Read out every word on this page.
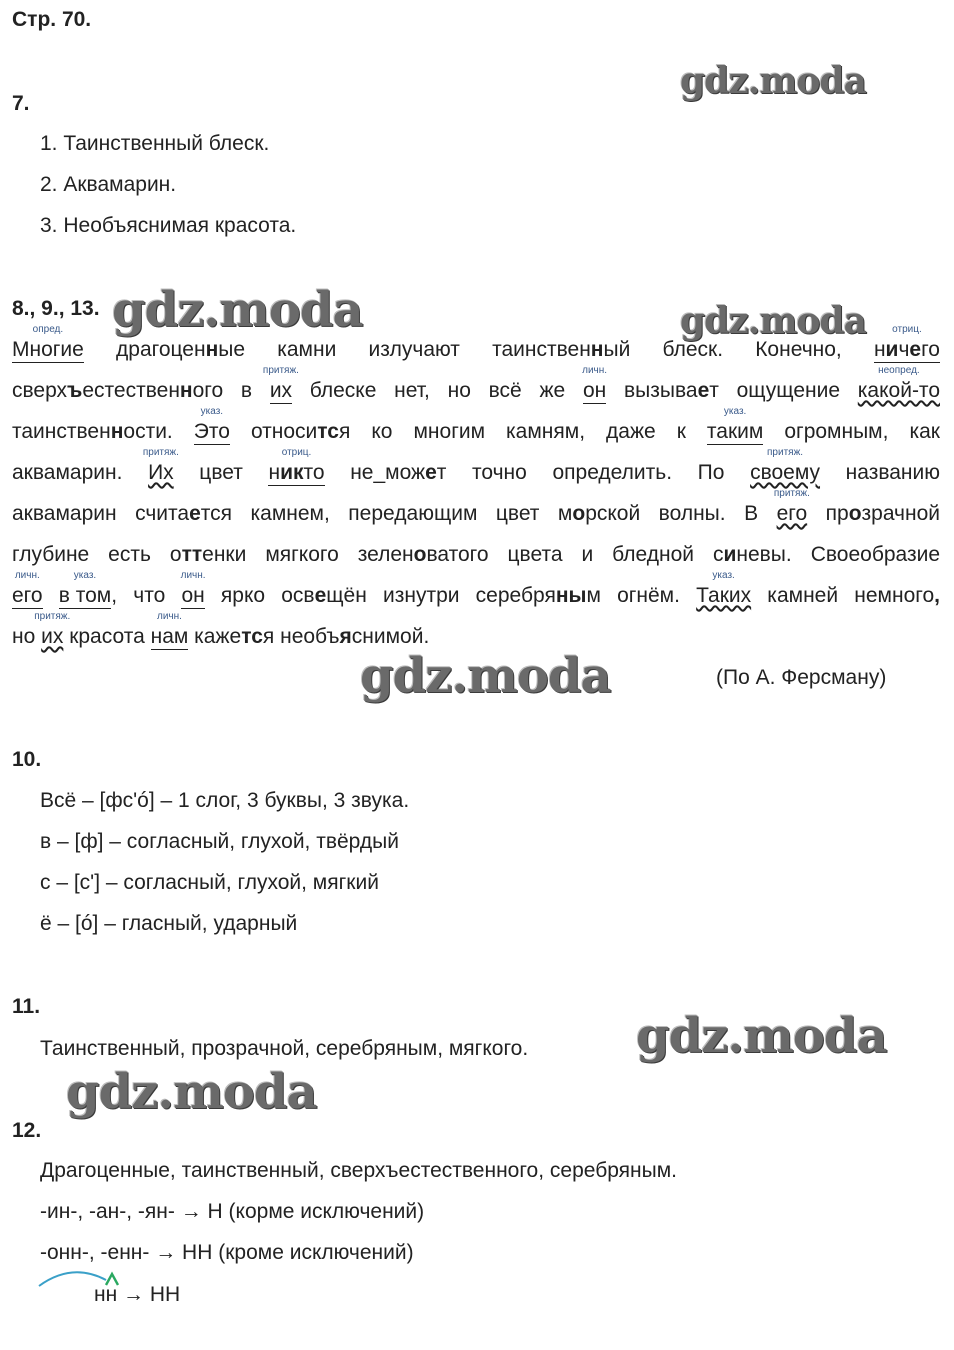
Стр. 70.
gdz.moda
gdz.moda	gdz.moda
gdz.moda
gdz.moda
gdz.moda
7.
1. Таинственный блеск.
2. Аквамарин.
3. Необъяснимая красота.
8., 9., 13.
Многие
опред.
драгоценные камни излучают таинственный блеск. Конечно, ничего
отриц.
сверхъестественного в их
притяж.
блеске нет, но всё же он
личн.
вызывает ощущение какой-то
неопред.
таинственности. Это
указ.
относится ко многим камням, даже к таким
указ.
огромным, как
аквамарин. Их
притяж.
цвет никто
отриц.
не_может точно определить. По своему
притяж.
названию
аквамарин считается камнем, передающим цвет морской волны. В его
притяж.
прозрачной
глубине есть оттенки мягкого зеленоватого цвета и бледной синевы. Своеобразие
его
личн.
в том
указ.
, что он
личн.
ярко освещён изнутри серебряным огнём. Таких
указ.
камней немного,
но их
притяж.
красота нам
личн.
кажется необъяснимой.
(По А. Ферсману)
10.
Всё – [фс'ó] – 1 слог, 3 буквы, 3 звука.
в – [ф] – согласный, глухой, твёрдый
с – [с'] – согласный, глухой, мягкий
ё – [ó] – гласный, ударный
11.
Таинственный, прозрачной, серебряным, мягкого.
12.
Драгоценные, таинственный, сверхъестественного, серебряным.
-ин-, -ан-, -ян- → Н (корме исключений)
-онн-, -енн- → НН (кроме исключений)
нн → НН
